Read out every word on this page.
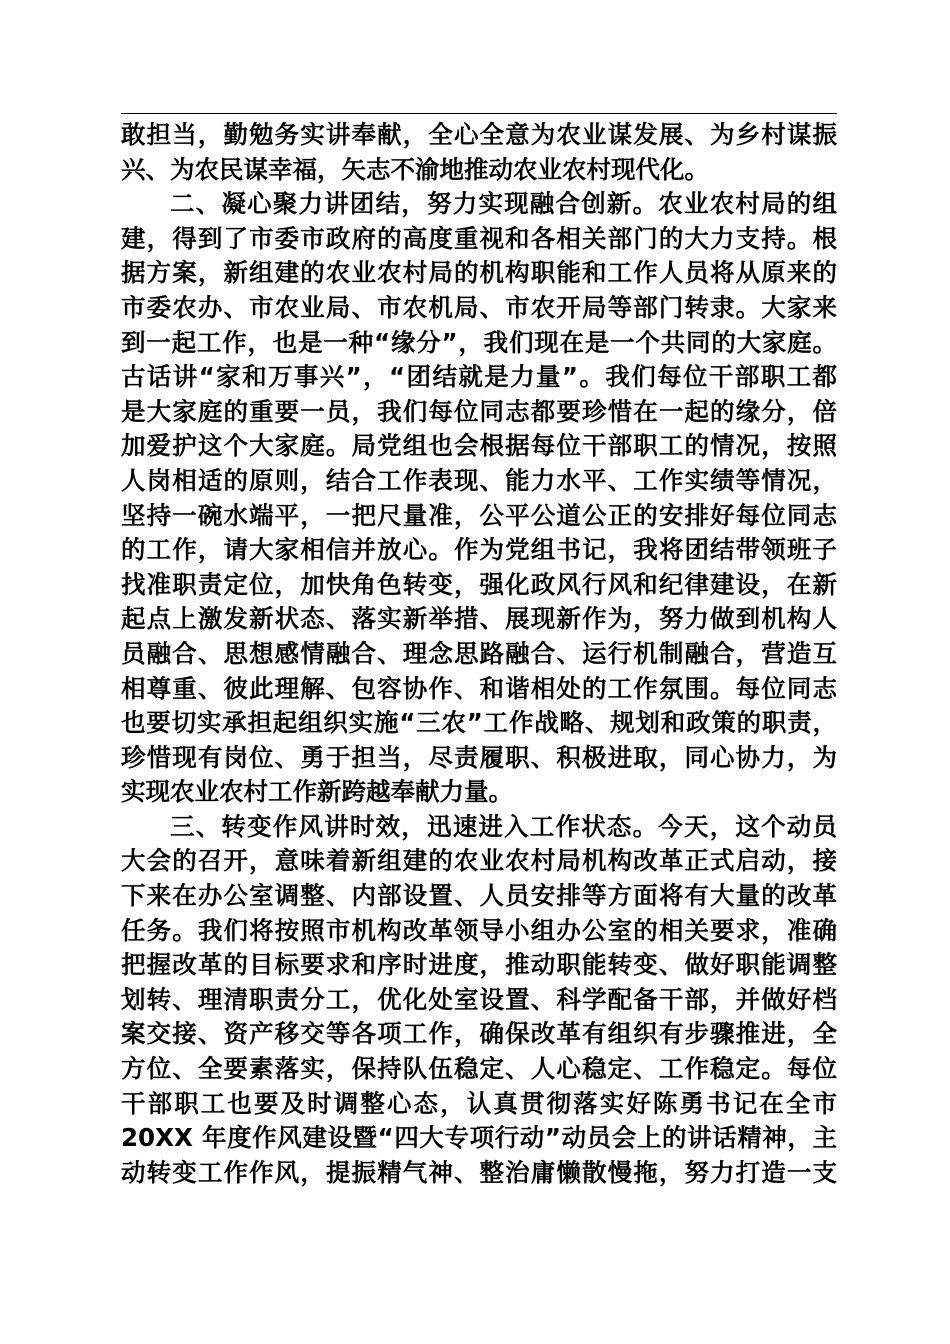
敢担当，勤勉务实讲奉献，全心全意为农业谋发展、为乡村谋振
兴、为农民谋幸福，矢志不渝地推动农业农村现代化。
二、凝心聚力讲团结，努力实现融合创新。农业农村局的组
建，得到了市委市政府的高度重视和各相关部门的大力支持。根
据方案，新组建的农业农村局的机构职能和工作人员将从原来的
市委农办、市农业局、市农机局、市农开局等部门转隶。大家来
到一起工作，也是一种“缘分”，我们现在是一个共同的大家庭。
古话讲“家和万事兴”，“团结就是力量”。我们每位干部职工都
是大家庭的重要一员，我们每位同志都要珍惜在一起的缘分，倍
加爱护这个大家庭。局党组也会根据每位干部职工的情况，按照
人岗相适的原则，结合工作表现、能力水平、工作实绩等情况，
坚持一碗水端平，一把尺量准，公平公道公正的安排好每位同志
的工作，请大家相信并放心。作为党组书记，我将团结带领班子
找准职责定位，加快角色转变，强化政风行风和纪律建设，在新
起点上激发新状态、落实新举措、展现新作为，努力做到机构人
员融合、思想感情融合、理念思路融合、运行机制融合，营造互
相尊重、彼此理解、包容协作、和谐相处的工作氛围。每位同志
也要切实承担起组织实施“三农”工作战略、规划和政策的职责，
珍惜现有岗位、勇于担当，尽责履职、积极进取，同心协力，为
实现农业农村工作新跨越奉献力量。
三、转变作风讲时效，迅速进入工作状态。今天，这个动员
大会的召开，意味着新组建的农业农村局机构改革正式启动，接
下来在办公室调整、内部设置、人员安排等方面将有大量的改革
任务。我们将按照市机构改革领导小组办公室的相关要求，准确
把握改革的目标要求和序时进度，推动职能转变、做好职能调整
划转、理清职责分工，优化处室设置、科学配备干部，并做好档
案交接、资产移交等各项工作，确保改革有组织有步骤推进，全
方位、全要素落实，保持队伍稳定、人心稳定、工作稳定。每位
干部职工也要及时调整心态，认真贯彻落实好陈勇书记在全市
20XX 年度作风建设暨“四大专项行动”动员会上的讲话精神，主
动转变工作作风，提振精气神、整治庸懒散慢拖，努力打造一支
